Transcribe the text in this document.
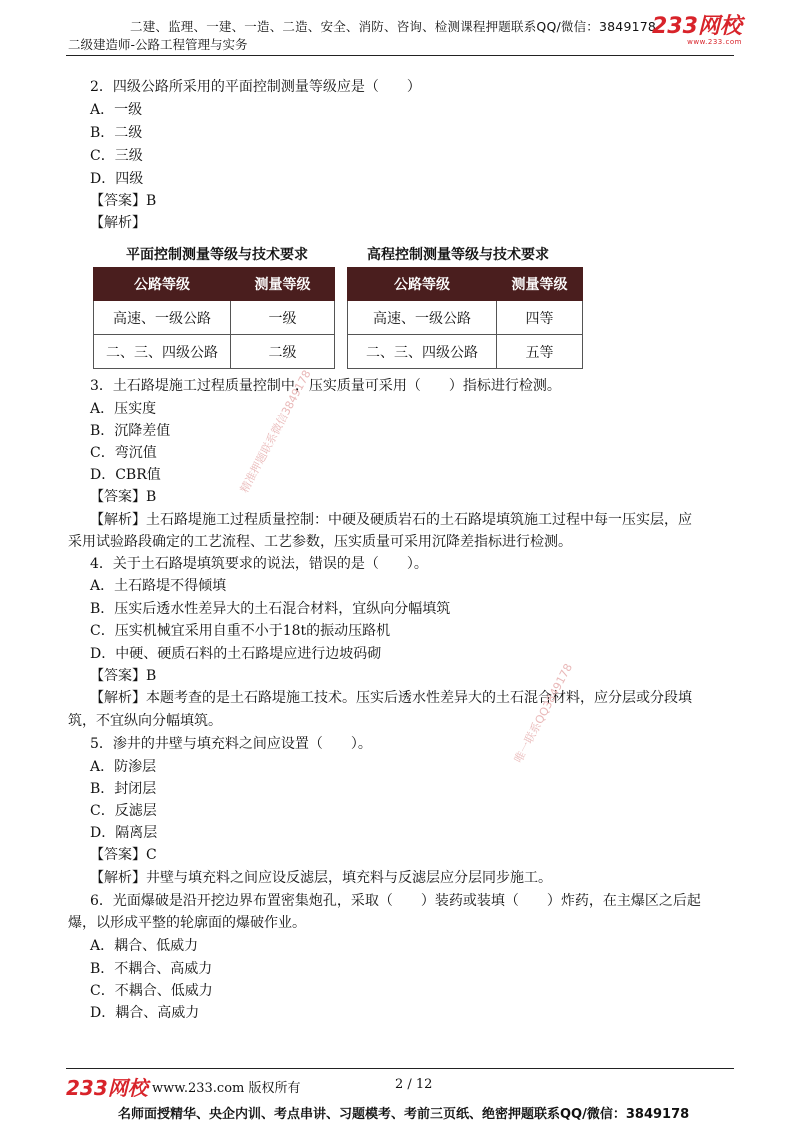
二建、监理、一建、一造、二造、安全、消防、咨询、检测课程押题联系QQ/微信：3849178
二级建造师-公路工程管理与实务
233网校
www.233.com
2．四级公路所采用的平面控制测量等级应是（　　）
A．一级
B．二级
C．三级
D．四级
【答案】B
【解析】
平面控制测量等级与技术要求
公路等级	测量等级
高速、一级公路	一级
二、三、四级公路	二级
高程控制测量等级与技术要求
公路等级	测量等级
高速、一级公路	四等
二、三、四级公路	五等
3．土石路堤施工过程质量控制中，压实质量可采用（　　）指标进行检测。
A．压实度
B．沉降差值
C．弯沉值
D．CBR值
【答案】B
【解析】土石路堤施工过程质量控制：中硬及硬质岩石的土石路堤填筑施工过程中每一压实层，应
采用试验路段确定的工艺流程、工艺参数，压实质量可采用沉降差指标进行检测。
4．关于土石路堤填筑要求的说法，错误的是（　　）。
A．土石路堤不得倾填
B．压实后透水性差异大的土石混合材料，宜纵向分幅填筑
C．压实机械宜采用自重不小于18t的振动压路机
D．中硬、硬质石料的土石路堤应进行边坡码砌
【答案】B
【解析】本题考查的是土石路堤施工技术。压实后透水性差异大的土石混合材料，应分层或分段填
筑，不宜纵向分幅填筑。
5．渗井的井壁与填充料之间应设置（　　）。
A．防渗层
B．封闭层
C．反滤层
D．隔离层
【答案】C
【解析】井壁与填充料之间应设反滤层，填充料与反滤层应分层同步施工。
6．光面爆破是沿开挖边界布置密集炮孔，采取（　　）装药或装填（　　）炸药，在主爆区之后起
爆，以形成平整的轮廓面的爆破作业。
A．耦合、低威力
B．不耦合、高威力
C．不耦合、低威力
D．耦合、高威力
精准押题联系微信3849178
唯一联系QQ3849178
233网校 www.233.com 版权所有	2 / 12
名师面授精华、央企内训、考点串讲、习题模考、考前三页纸、绝密押题联系QQ/微信：3849178
